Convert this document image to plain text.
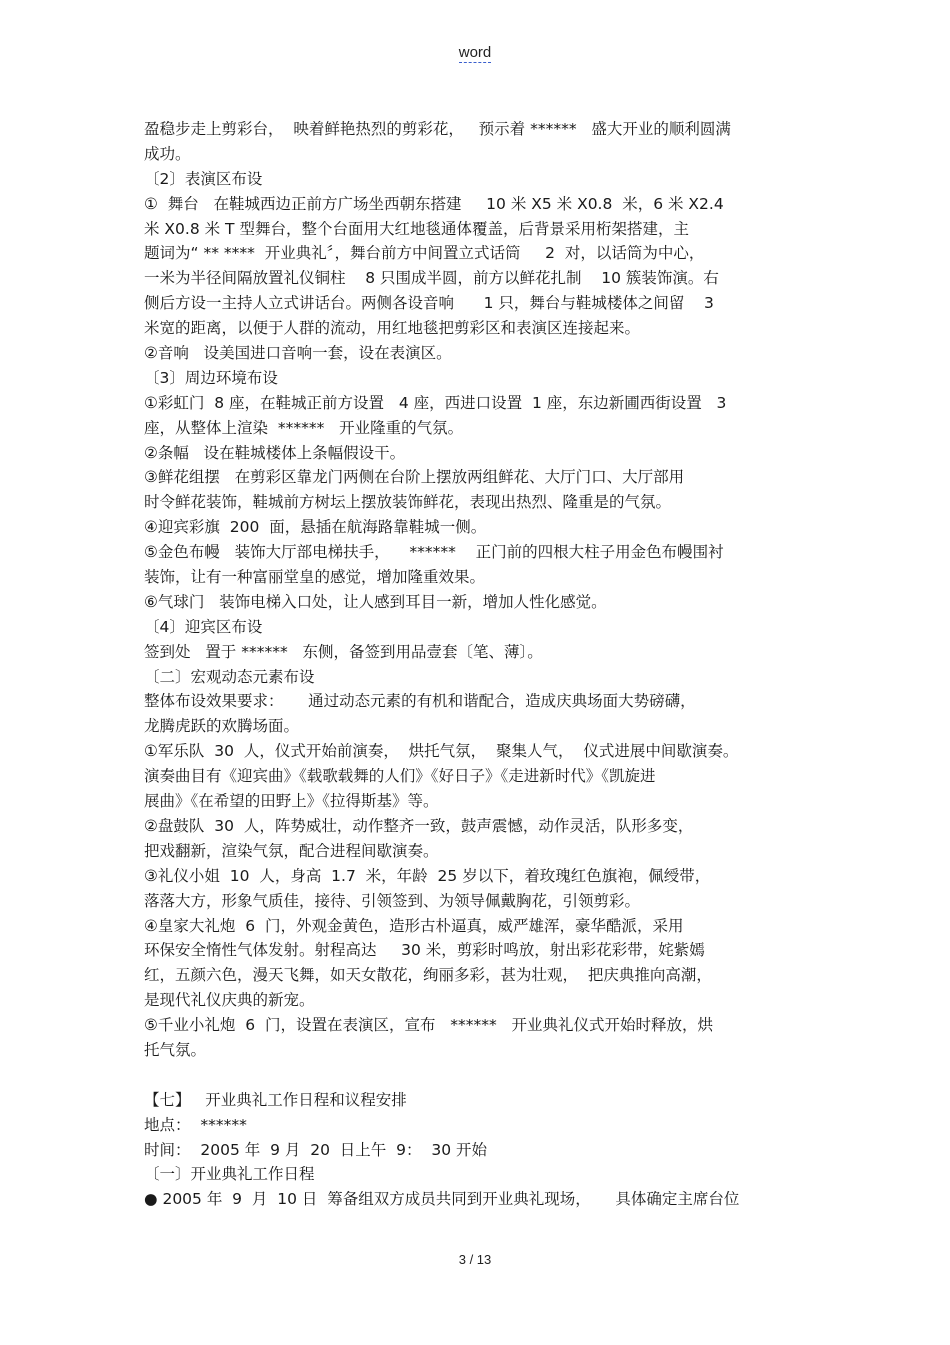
word
盈稳步走上剪彩台，  映着鲜艳热烈的剪彩花，   预示着 ******   盛大开业的顺利圆满
成功。
〔2〕表演区布设
①  舞台   在鞋城西边正前方广场坐西朝东搭建     10 米 X5 米 X0.8  米，6 米 X2.4
米 X0.8 米 T 型舞台，整个台面用大红地毯通体覆盖，后背景采用桁架搭建，主
题词为“ ** ****  开业典礼〞，舞台前方中间置立式话筒     2  对，以话筒为中心，
一米为半径间隔放置礼仪铜柱    8 只围成半圆，前方以鲜花扎制    10 簇装饰演。右
侧后方设一主持人立式讲话台。两侧各设音响      1 只，舞台与鞋城楼体之间留    3
米宽的距离，以便于人群的流动，用红地毯把剪彩区和表演区连接起来。
②音响   设美国进口音响一套，设在表演区。
〔3〕周边环境布设
①彩虹门  8 座，在鞋城正前方设置   4 座，西进口设置  1 座，东边新圃西街设置   3
座，从整体上渲染  ******   开业隆重的气氛。
②条幅   设在鞋城楼体上条幅假设干。
③鲜花组摆   在剪彩区靠龙门两侧在台阶上摆放两组鲜花、大厅门口、大厅部用
时令鲜花装饰，鞋城前方树坛上摆放装饰鲜花，表现出热烈、隆重是的气氛。
④迎宾彩旗  200  面，悬插在航海路靠鞋城一侧。
⑤金色布幔   装饰大厅部电梯扶手，    ******    正门前的四根大柱子用金色布幔围衬
装饰，让有一种富丽堂皇的感觉，增加隆重效果。
⑥气球门   装饰电梯入口处，让人感到耳目一新，增加人性化感觉。
〔4〕迎宾区布设
签到处   置于 ******   东侧，备签到用品壹套〔笔、薄〕。
〔二〕宏观动态元素布设
整体布设效果要求：     通过动态元素的有机和谐配合，造成庆典场面大势磅礴，
龙腾虎跃的欢腾场面。
①军乐队  30  人，仪式开始前演奏，  烘托气氛，  聚集人气，  仪式进展中间歇演奏。
演奏曲目有《迎宾曲》《载歌载舞的人们》《好日子》《走进新时代》《凯旋进
展曲》《在希望的田野上》《拉得斯基》等。
②盘鼓队  30  人，阵势威壮，动作整齐一致，鼓声震憾，动作灵活，队形多变，
把戏翻新，渲染气氛，配合进程间歇演奏。
③礼仪小姐  10  人，身高  1.7  米，年龄  25 岁以下，着玫瑰红色旗袍，佩绶带，
落落大方，形象气质佳，接待、引领签到、为领导佩戴胸花，引领剪彩。
④皇家大礼炮  6  门，外观金黄色，造形古朴逼真，威严雄浑，豪华酷派，采用
环保安全惰性气体发射。射程高达     30 米，剪彩时鸣放，射出彩花彩带，姹紫嫣
红，五颜六色，漫天飞舞，如天女散花，绚丽多彩，甚为壮观，  把庆典推向高潮，
是现代礼仪庆典的新宠。
⑤千业小礼炮  6  门，设置在表演区，宣布   ******   开业典礼仪式开始时释放，烘
托气氛。
【七】   开业典礼工作日程和议程安排
地点：  ******
时间：  2005 年  9 月  20  日上午  9：  30 开始
〔一〕开业典礼工作日程
● 2005 年  9  月  10 日  筹备组双方成员共同到开业典礼现场，     具体确定主席台位
3 / 13
